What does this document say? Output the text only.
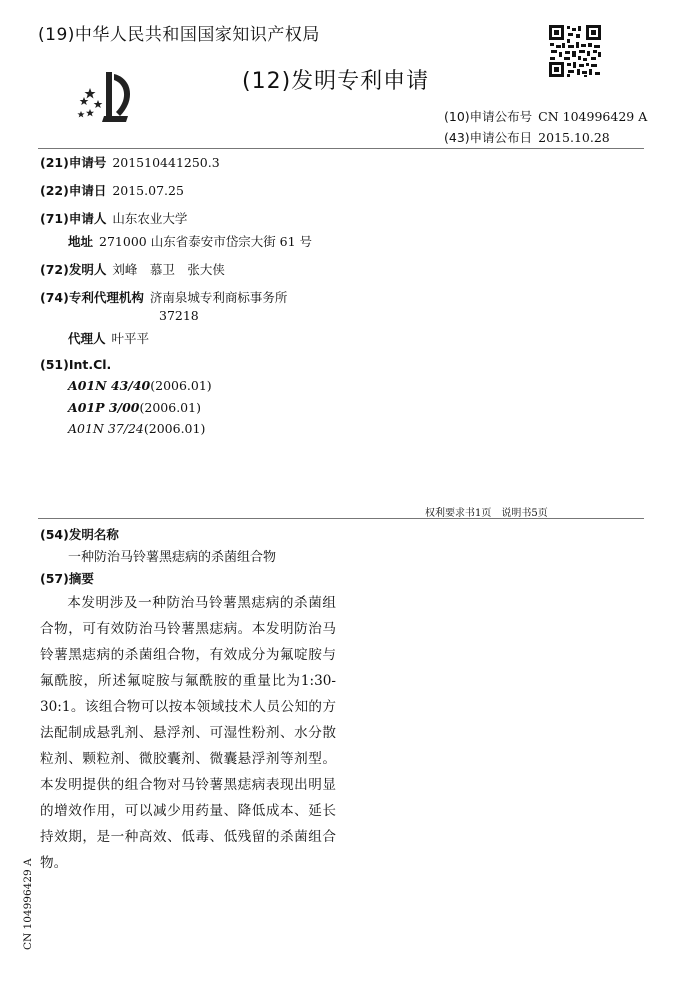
(19)中华人民共和国国家知识产权局
(12)发明专利申请
(10)申请公布号 CN 104996429 A
(43)申请公布日 2015.10.28
(21)申请号 201510441250.3
(22)申请日 2015.07.25
(71)申请人 山东农业大学
地址 271000 山东省泰安市岱宗大街 61 号
(72)发明人 刘峰　慕卫　张大侠
(74)专利代理机构 济南泉城专利商标事务所
37218
代理人 叶平平
(51)Int.Cl.
A01N 43/40(2006.01)
A01P 3/00(2006.01)
A01N 37/24(2006.01)
权利要求书1页　说明书5页
(54)发明名称
一种防治马铃薯黑痣病的杀菌组合物
(57)摘要
本发明涉及一种防治马铃薯黑痣病的杀菌组合物，可有效防治马铃薯黑痣病。本发明防治马铃薯黑痣病的杀菌组合物，有效成分为氟啶胺与氟酰胺，所述氟啶胺与氟酰胺的重量比为1:30-30:1。该组合物可以按本领域技术人员公知的方法配制成悬乳剂、悬浮剂、可湿性粉剂、水分散粒剂、颗粒剂、微胶囊剂、微囊悬浮剂等剂型。本发明提供的组合物对马铃薯黑痣病表现出明显的增效作用，可以减少用药量、降低成本、延长持效期，是一种高效、低毒、低残留的杀菌组合物。
CN 104996429 A
